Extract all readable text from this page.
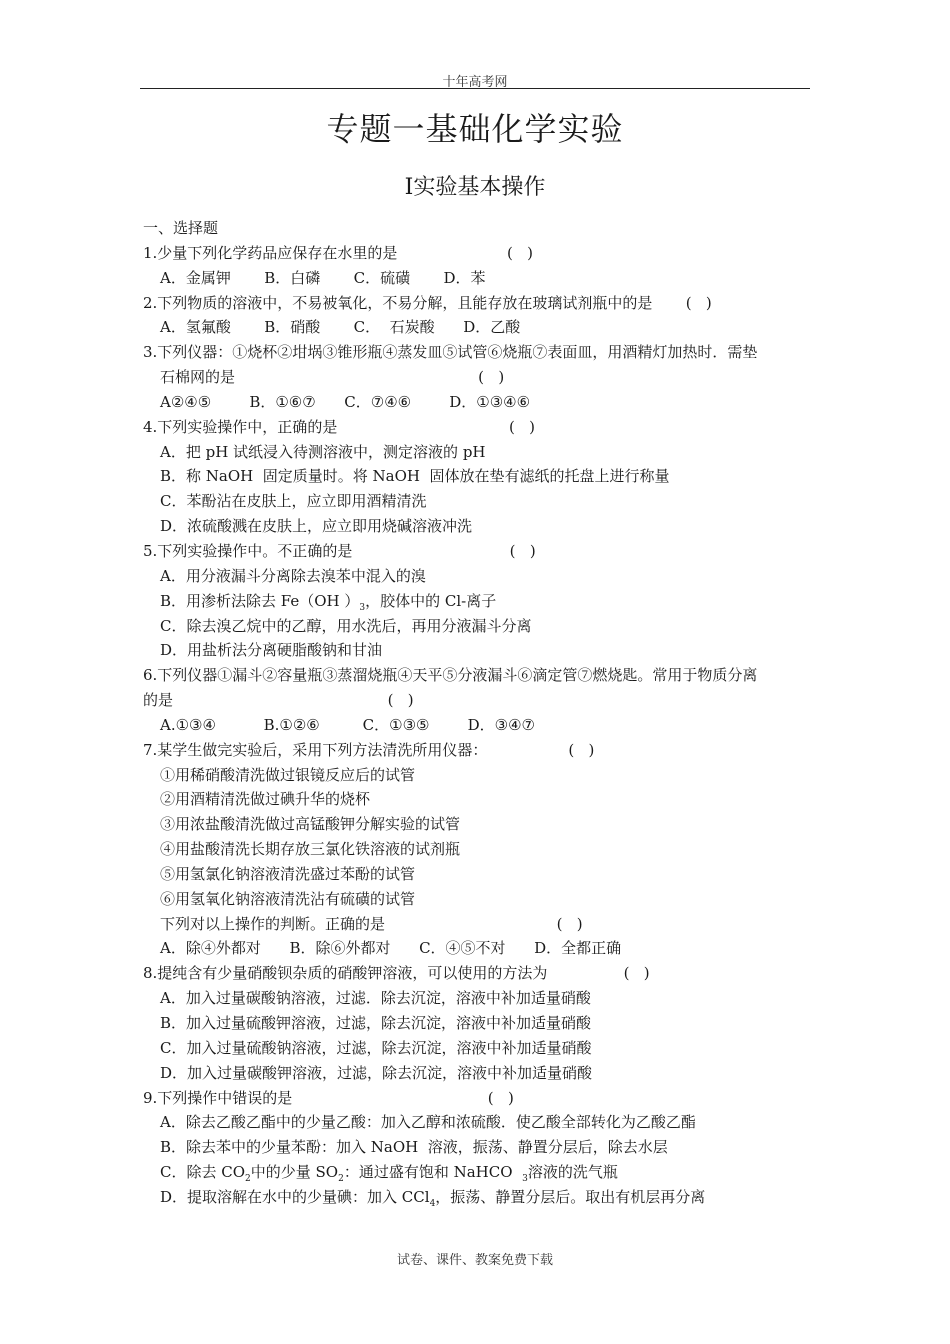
十年高考网
专题一基础化学实验
I实验基本操作
一、选择题
1.少量下列化学药品应保存在水里的是                       (   )
A．金属钾       B．白磷       C．硫磺       D．苯
2.下列物质的溶液中，不易被氧化，不易分解，且能存放在玻璃试剂瓶中的是       (   )
A．氢氟酸       B．硝酸       C．  石炭酸      D．乙酸
3.下列仪器：①烧杯②坩埚③锥形瓶④蒸发皿⑤试管⑥烧瓶⑦表面皿，用酒精灯加热时．需垫
石棉网的是                                                   (   )
A②④⑤        B．①⑥⑦      C．⑦④⑥        D．①③④⑥
4.下列实验操作中，正确的是                                    (   )
A．把 pH 试纸浸入待测溶液中，测定溶液的 pH
B．称 NaOH  固定质量时。将 NaOH  固体放在垫有滤纸的托盘上进行称量
C．苯酚沾在皮肤上，应立即用酒精清洗
D．浓硫酸溅在皮肤上，应立即用烧碱溶液冲洗
5.下列实验操作中。不正确的是                                 (   )
A．用分液漏斗分离除去溴苯中混入的溴
B．用渗析法除去 Fe（OH ）$_3$，胶体中的 Cl-离子
C．除去溴乙烷中的乙醇，用水洗后，再用分液漏斗分离
D．用盐析法分离硬脂酸钠和甘油
6.下列仪器①漏斗②容量瓶③蒸溜烧瓶④天平⑤分液漏斗⑥滴定管⑦燃烧匙。常用于物质分离
的是                                             (   )
A.①③④          B.①②⑥         C．①③⑤        D．③④⑦
7.某学生做完实验后，采用下列方法清洗所用仪器：                 (   )
①用稀硝酸清洗做过银镜反应后的试管
②用酒精清洗做过碘升华的烧杯
③用浓盐酸清洗做过高锰酸钾分解实验的试管
④用盐酸清洗长期存放三氯化铁溶液的试剂瓶
⑤用氢氯化钠溶液清洗盛过苯酚的试管
⑥用氢氧化钠溶液清洗沾有硫磺的试管
下列对以上操作的判断。正确的是                                    (   )
A．除④外都对      B．除⑥外都对      C．④⑤不对      D．全都正确
8.提纯含有少量硝酸钡杂质的硝酸钾溶液，可以使用的方法为                (   )
A．加入过量碳酸钠溶液，过滤．除去沉淀，溶液中补加适量硝酸
B．加入过量硫酸钾溶液，过滤，除去沉淀，溶液中补加适量硝酸
C．加入过量硫酸钠溶液，过滤，除去沉淀，溶液中补加适量硝酸
D．加入过量碳酸钾溶液，过滤，除去沉淀，溶液中补加适量硝酸
9.下列操作中错误的是                                         (   )
A．除去乙酸乙酯中的少量乙酸：加入乙醇和浓硫酸．使乙酸全部转化为乙酸乙酯
B．除去苯中的少量苯酚：加入 NaOH  溶液，振荡、静置分层后，除去水层
C．除去 $CO_2$中的少量 $SO_2$：通过盛有饱和 NaHCO  $_3$溶液的洗气瓶
D．提取溶解在水中的少量碘：加入 CCl$_4$，振荡、静置分层后。取出有机层再分离
试卷、课件、教案免费下载
